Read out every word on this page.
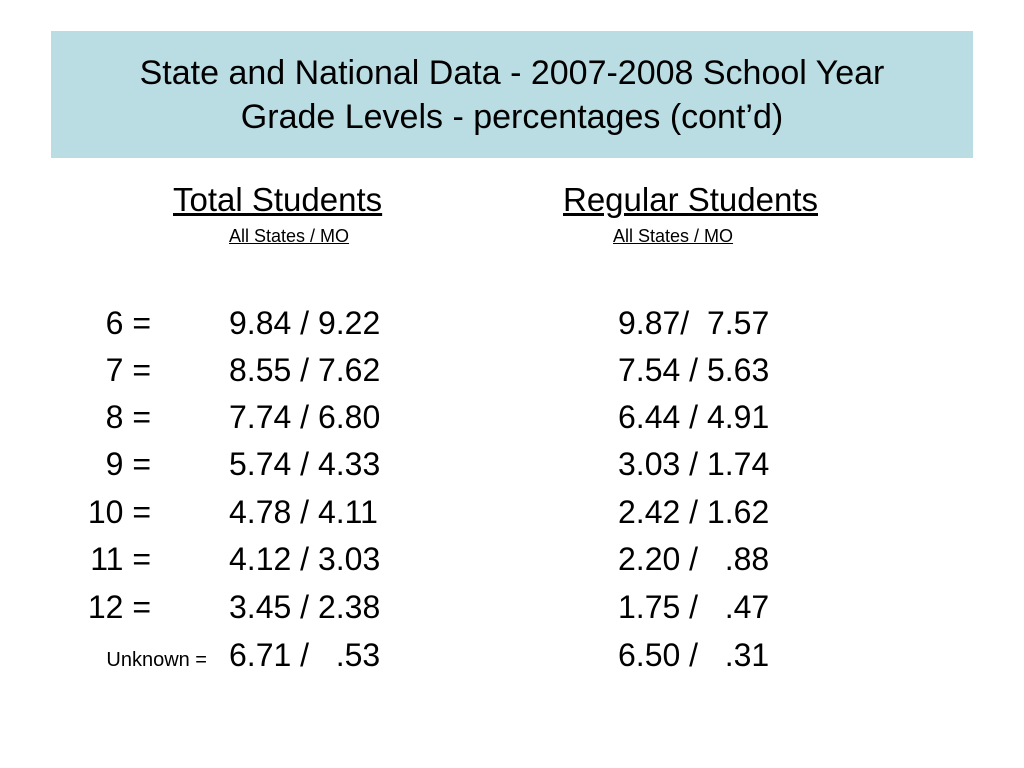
State and National Data - 2007-2008 School Year
Grade Levels - percentages (cont’d)
Total Students
All States / MO
Regular Students
All States / MO
6 = 9.84 / 9.22	9.87/  7.57
7 = 8.55 / 7.62	7.54 / 5.63
8 = 7.74 / 6.80	6.44 / 4.91
9 = 5.74 / 4.33	3.03 / 1.74
10 = 4.78 / 4.11	2.42 / 1.62
11 = 4.12 / 3.03	2.20 /   .88
12 = 3.45 / 2.38	1.75 /   .47
Unknown = 6.71 /   .53	6.50 /   .31
